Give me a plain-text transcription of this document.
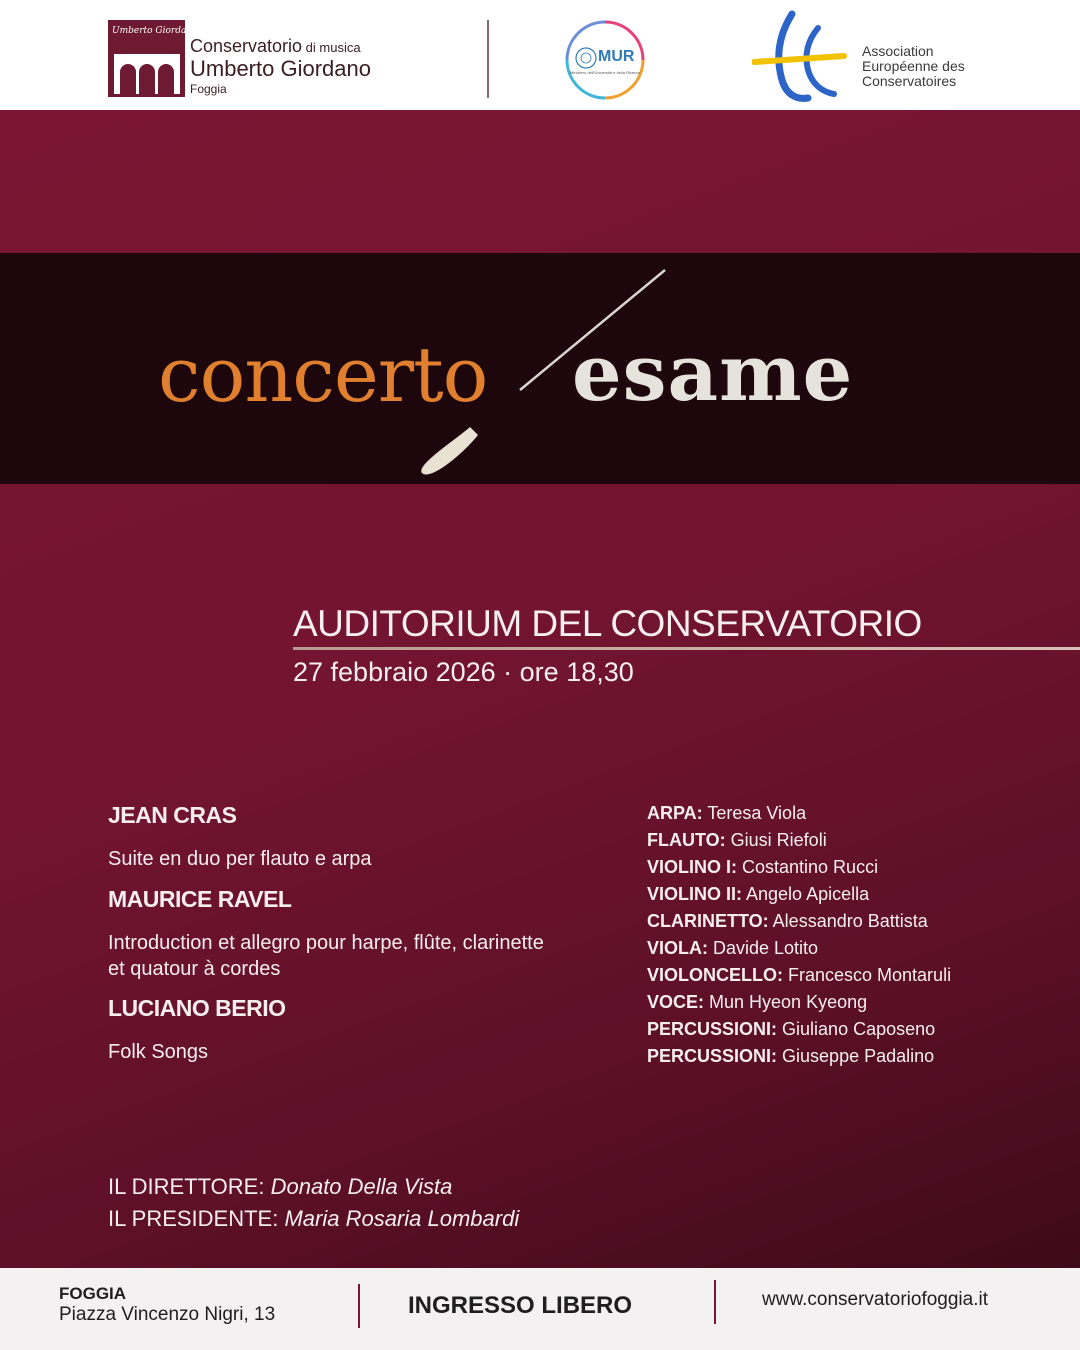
Umberto Giordano
Conservatorio di musica
Umberto Giordano
Foggia
MUR
Ministero dell'Università e della Ricerca
Association
Européenne des
Conservatoires
concerto esame
AUDITORIUM DEL CONSERVATORIO
27 febbraio 2026 · ore 18,30
JEAN CRAS
Suite en duo per flauto e arpa
MAURICE RAVEL
Introduction et allegro pour harpe, flûte, clarinette et quatour à cordes
LUCIANO BERIO
Folk Songs
ARPA: Teresa Viola
FLAUTO: Giusi Riefoli
VIOLINO I: Costantino Rucci
VIOLINO II: Angelo Apicella
CLARINETTO: Alessandro Battista
VIOLA: Davide Lotito
VIOLONCELLO: Francesco Montaruli
VOCE: Mun Hyeon Kyeong
PERCUSSIONI: Giuliano Caposeno
PERCUSSIONI: Giuseppe Padalino
IL DIRETTORE: Donato Della Vista
IL PRESIDENTE: Maria Rosaria Lombardi
FOGGIA
Piazza Vincenzo Nigri, 13	INGRESSO LIBERO	www.conservatoriofoggia.it
